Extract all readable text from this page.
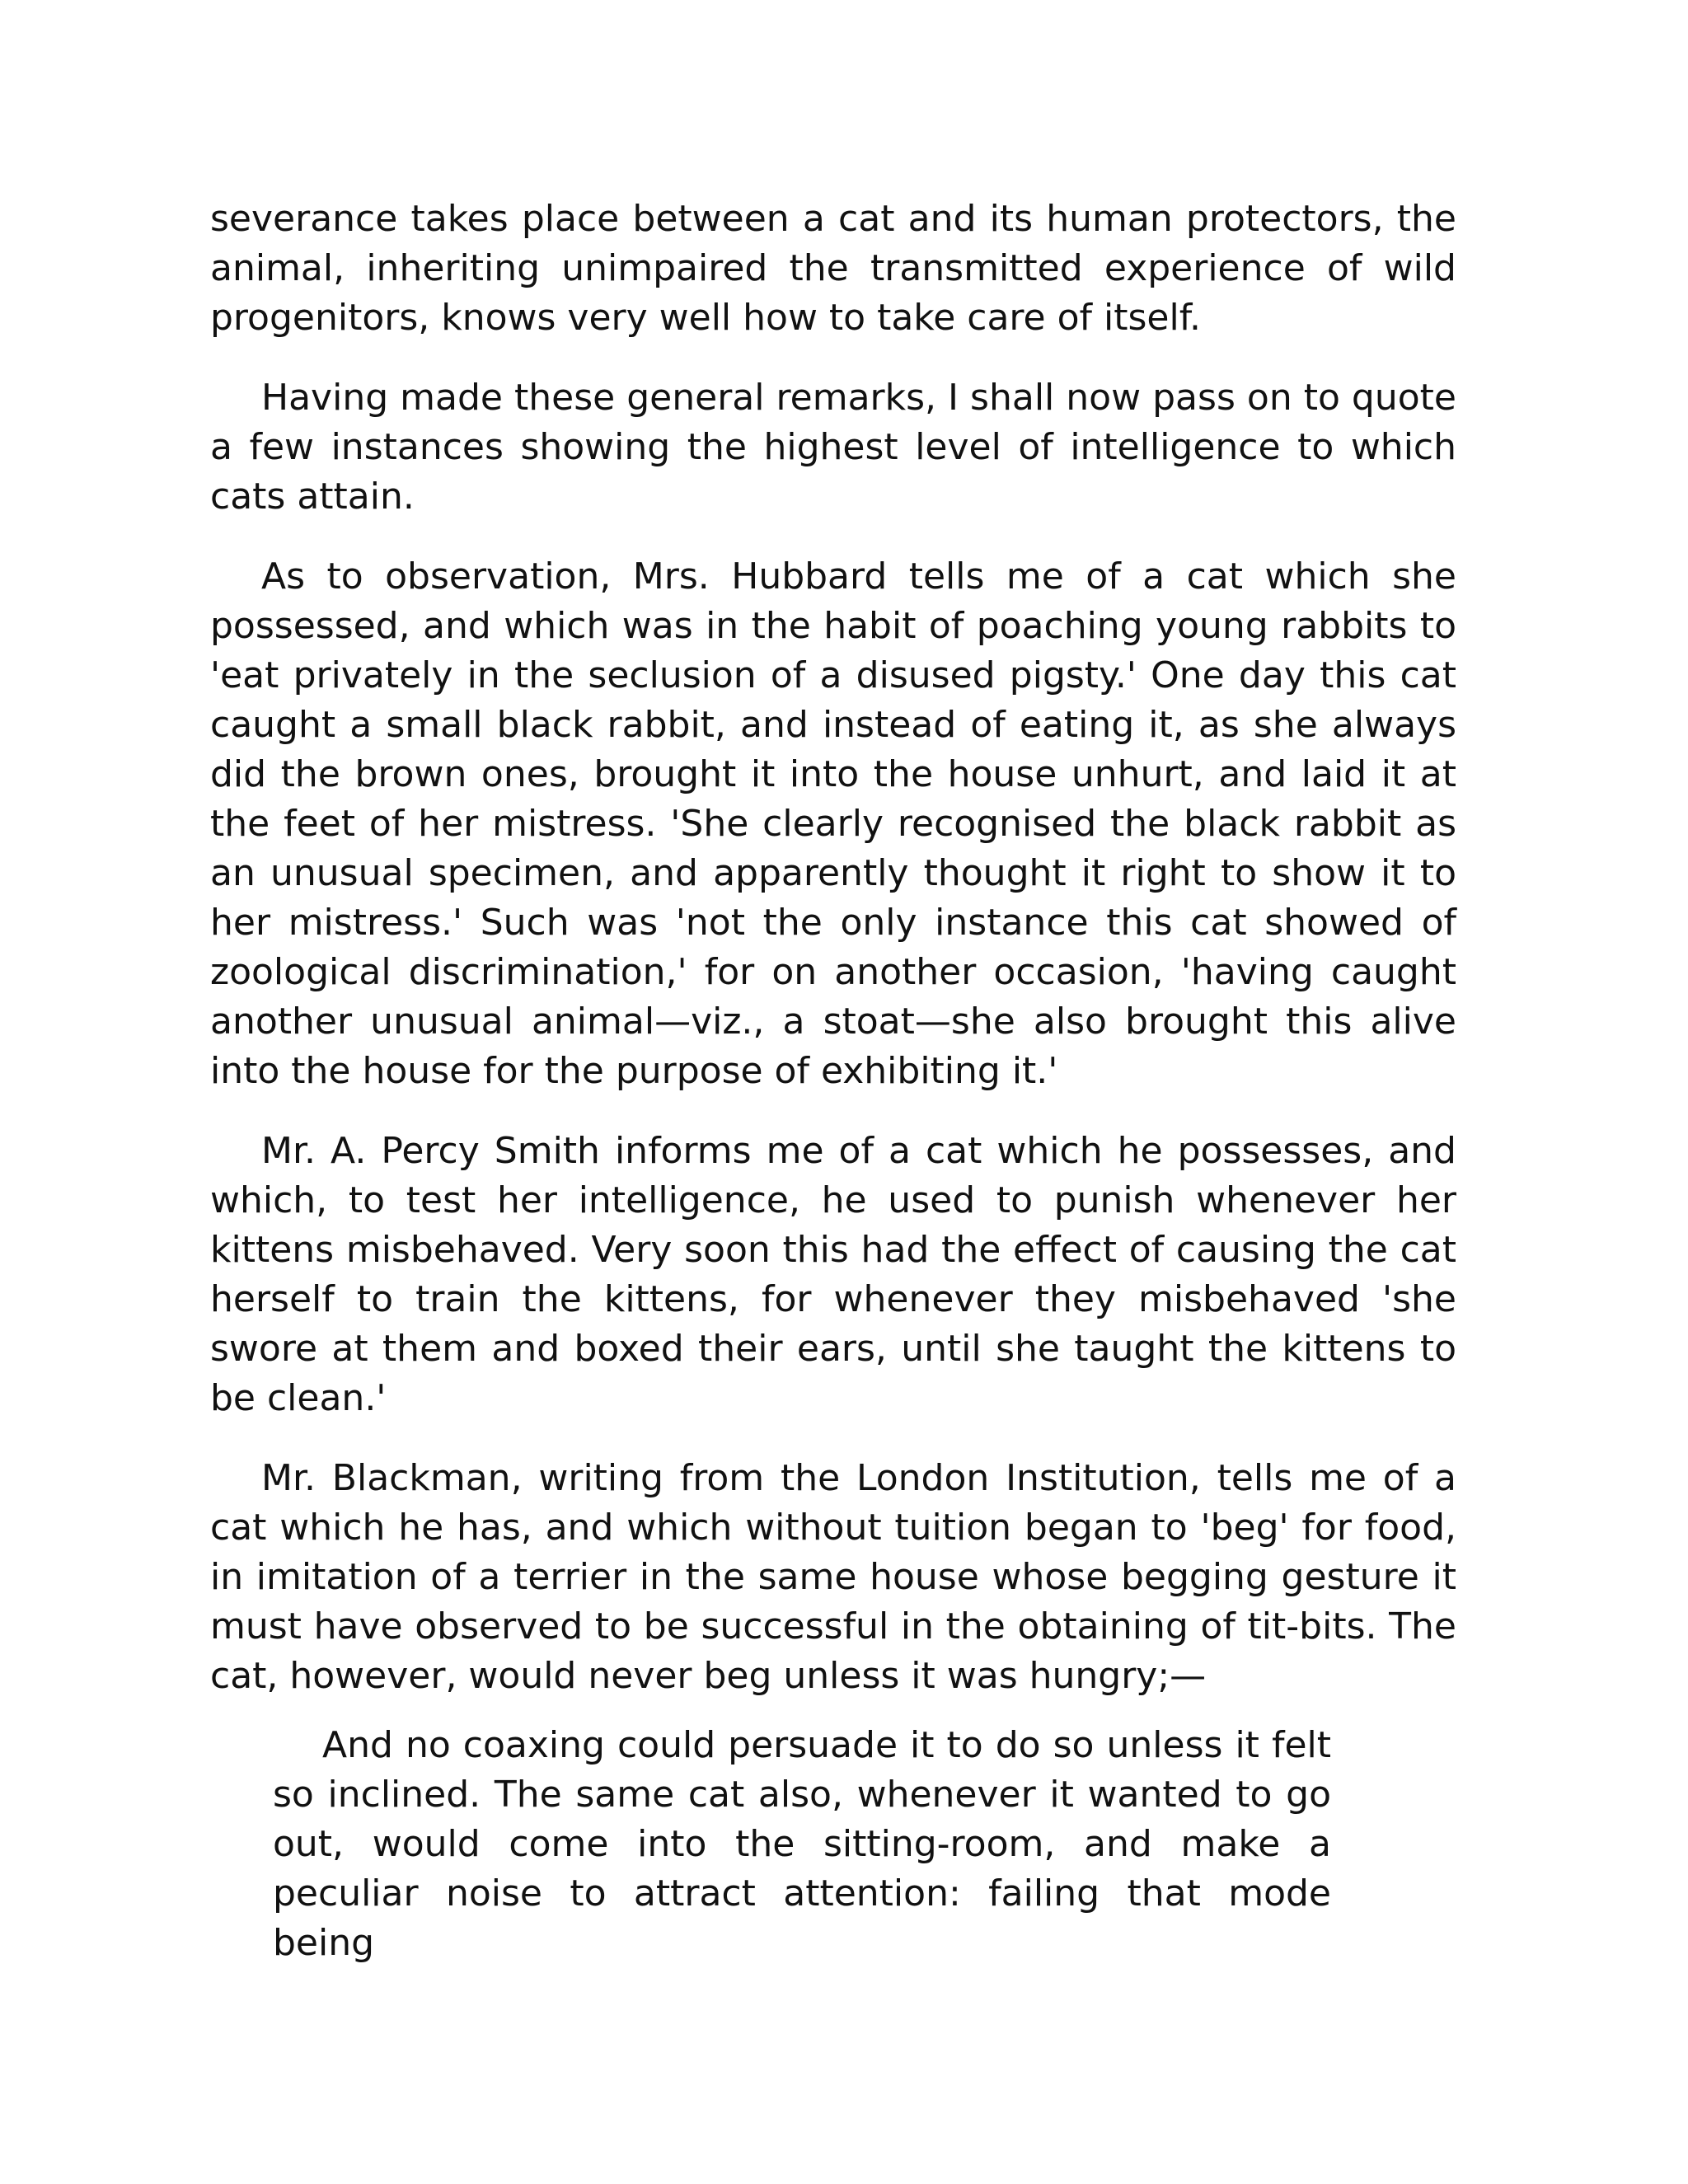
severance takes place between a cat and its human protectors, the animal, inheriting unimpaired the transmitted experience of wild progenitors, knows very well how to take care of itself.

Having made these general remarks, I shall now pass on to quote a few instances showing the highest level of intelligence to which cats attain.

As to observation, Mrs. Hubbard tells me of a cat which she possessed, and which was in the habit of poaching young rabbits to 'eat privately in the seclusion of a disused pigsty.' One day this cat caught a small black rabbit, and instead of eating it, as she always did the brown ones, brought it into the house unhurt, and laid it at the feet of her mistress. 'She clearly recognised the black rabbit as an unusual specimen, and apparently thought it right to show it to her mistress.' Such was 'not the only instance this cat showed of zoological discrimination,' for on another occasion, 'having caught another unusual animal—viz., a stoat—she also brought this alive into the house for the purpose of exhibiting it.'

Mr. A. Percy Smith informs me of a cat which he possesses, and which, to test her intelligence, he used to punish whenever her kittens misbehaved. Very soon this had the effect of causing the cat herself to train the kittens, for whenever they misbehaved 'she swore at them and boxed their ears, until she taught the kittens to be clean.'

Mr. Blackman, writing from the London Institution, tells me of a cat which he has, and which without tuition began to 'beg' for food, in imitation of a terrier in the same house whose begging gesture it must have observed to be successful in the obtaining of tit-bits. The cat, however, would never beg unless it was hungry;—

And no coaxing could persuade it to do so unless it felt so inclined. The same cat also, whenever it wanted to go out, would come into the sitting-room, and make a peculiar noise to attract attention: failing that mode being
